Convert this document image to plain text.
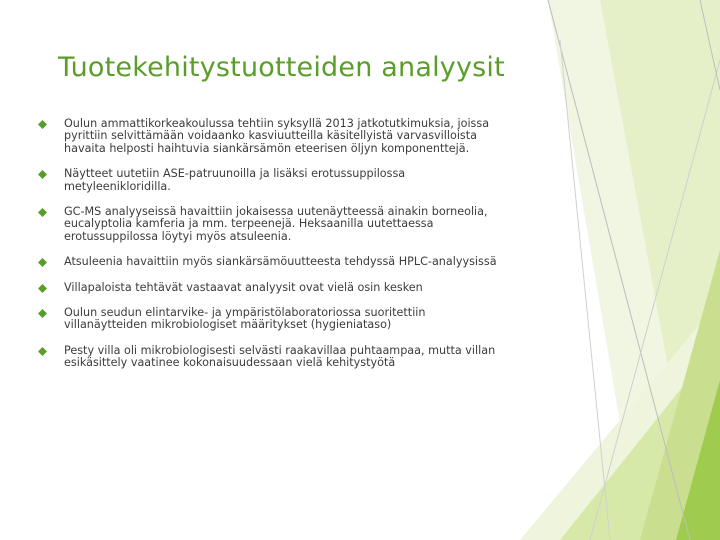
Tuotekehitystuotteiden analyysit
Oulun ammattikorkeakoulussa tehtiin syksyllä 2013 jatkotutkimuksia, joissa pyrittiin selvittämään voidaanko kasviuutteilla käsitellyistä varvasvilloista havaita helposti haihtuvia siankärsämön eteerisen öljyn komponenttejä.
Näytteet uutetiin ASE-patruunoilla ja lisäksi erotussuppilossa metyleenikloridilla.
GC-MS analyyseissä havaittiin jokaisessa uutenäytteessä ainakin borneolia, eucalyptolia kamferia ja mm. terpeenejä. Heksaanilla uutettaessa erotussuppilossa löytyi myös atsuleenia.
Atsuleenia havaittiin myös siankärsämöuutteesta tehdyssä HPLC-analyysissä
Villapaloista tehtävät vastaavat analyysit ovat vielä osin kesken
Oulun seudun elintarvike- ja ympäristölaboratoriossa suoritettiin villanäytteiden mikrobiologiset määritykset (hygieniataso)
Pesty villa oli mikrobiologisesti selvästi raakavillaa puhtaampaa, mutta villan esikäsittely vaatinee kokonaisuudessaan vielä kehitystyötä
